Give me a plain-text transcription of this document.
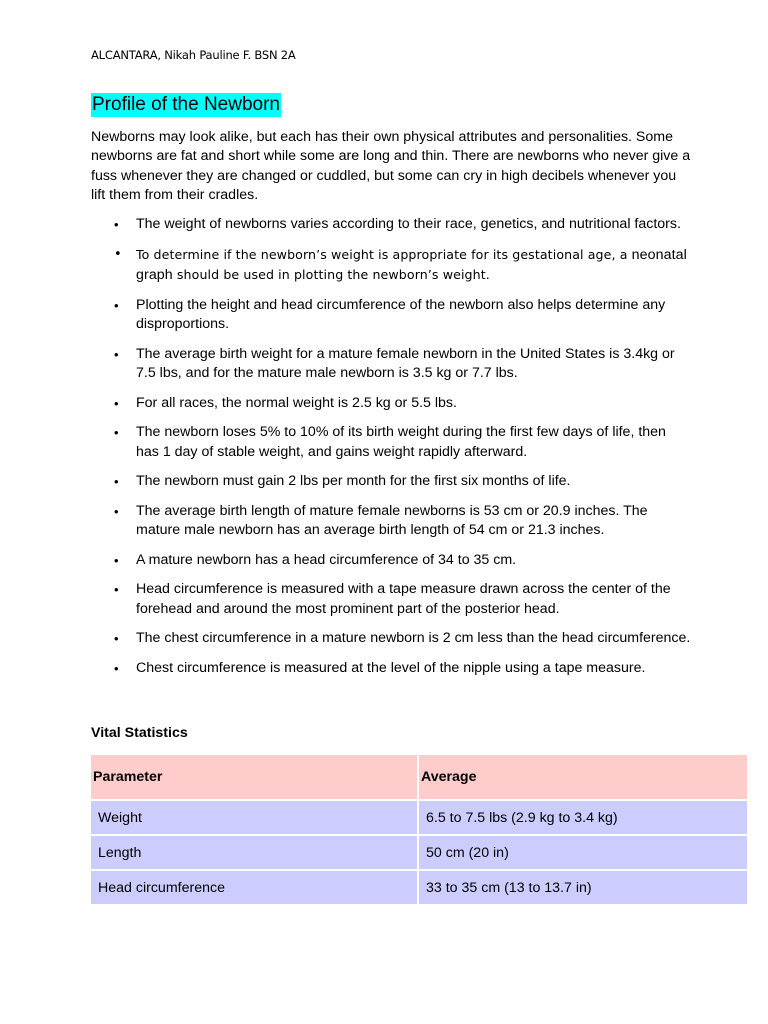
ALCANTARA, Nikah Pauline F. BSN 2A
Profile of the Newborn

Newborns may look alike, but each has their own physical attributes and personalities. Some newborns are fat and short while some are long and thin. There are newborns who never give a fuss whenever they are changed or cuddled, but some can cry in high decibels whenever you lift them from their cradles.

• The weight of newborns varies according to their race, genetics, and nutritional factors.
• To determine if the newborn’s weight is appropriate for its gestational age, a neonatal graph should be used in plotting the newborn’s weight.
• Plotting the height and head circumference of the newborn also helps determine any disproportions.
• The average birth weight for a mature female newborn in the United States is 3.4kg or 7.5 lbs, and for the mature male newborn is 3.5 kg or 7.7 lbs.
• For all races, the normal weight is 2.5 kg or 5.5 lbs.
• The newborn loses 5% to 10% of its birth weight during the first few days of life, then has 1 day of stable weight, and gains weight rapidly afterward.
• The newborn must gain 2 lbs per month for the first six months of life.
• The average birth length of mature female newborns is 53 cm or 20.9 inches. The mature male newborn has an average birth length of 54 cm or 21.3 inches.
• A mature newborn has a head circumference of 34 to 35 cm.
• Head circumference is measured with a tape measure drawn across the center of the forehead and around the most prominent part of the posterior head.
• The chest circumference in a mature newborn is 2 cm less than the head circumference.
• Chest circumference is measured at the level of the nipple using a tape measure.
Vital Statistics
Parameter	Average
Weight	6.5 to 7.5 lbs (2.9 kg to 3.4 kg)
Length	50 cm (20 in)
Head circumference	33 to 35 cm (13 to 13.7 in)
